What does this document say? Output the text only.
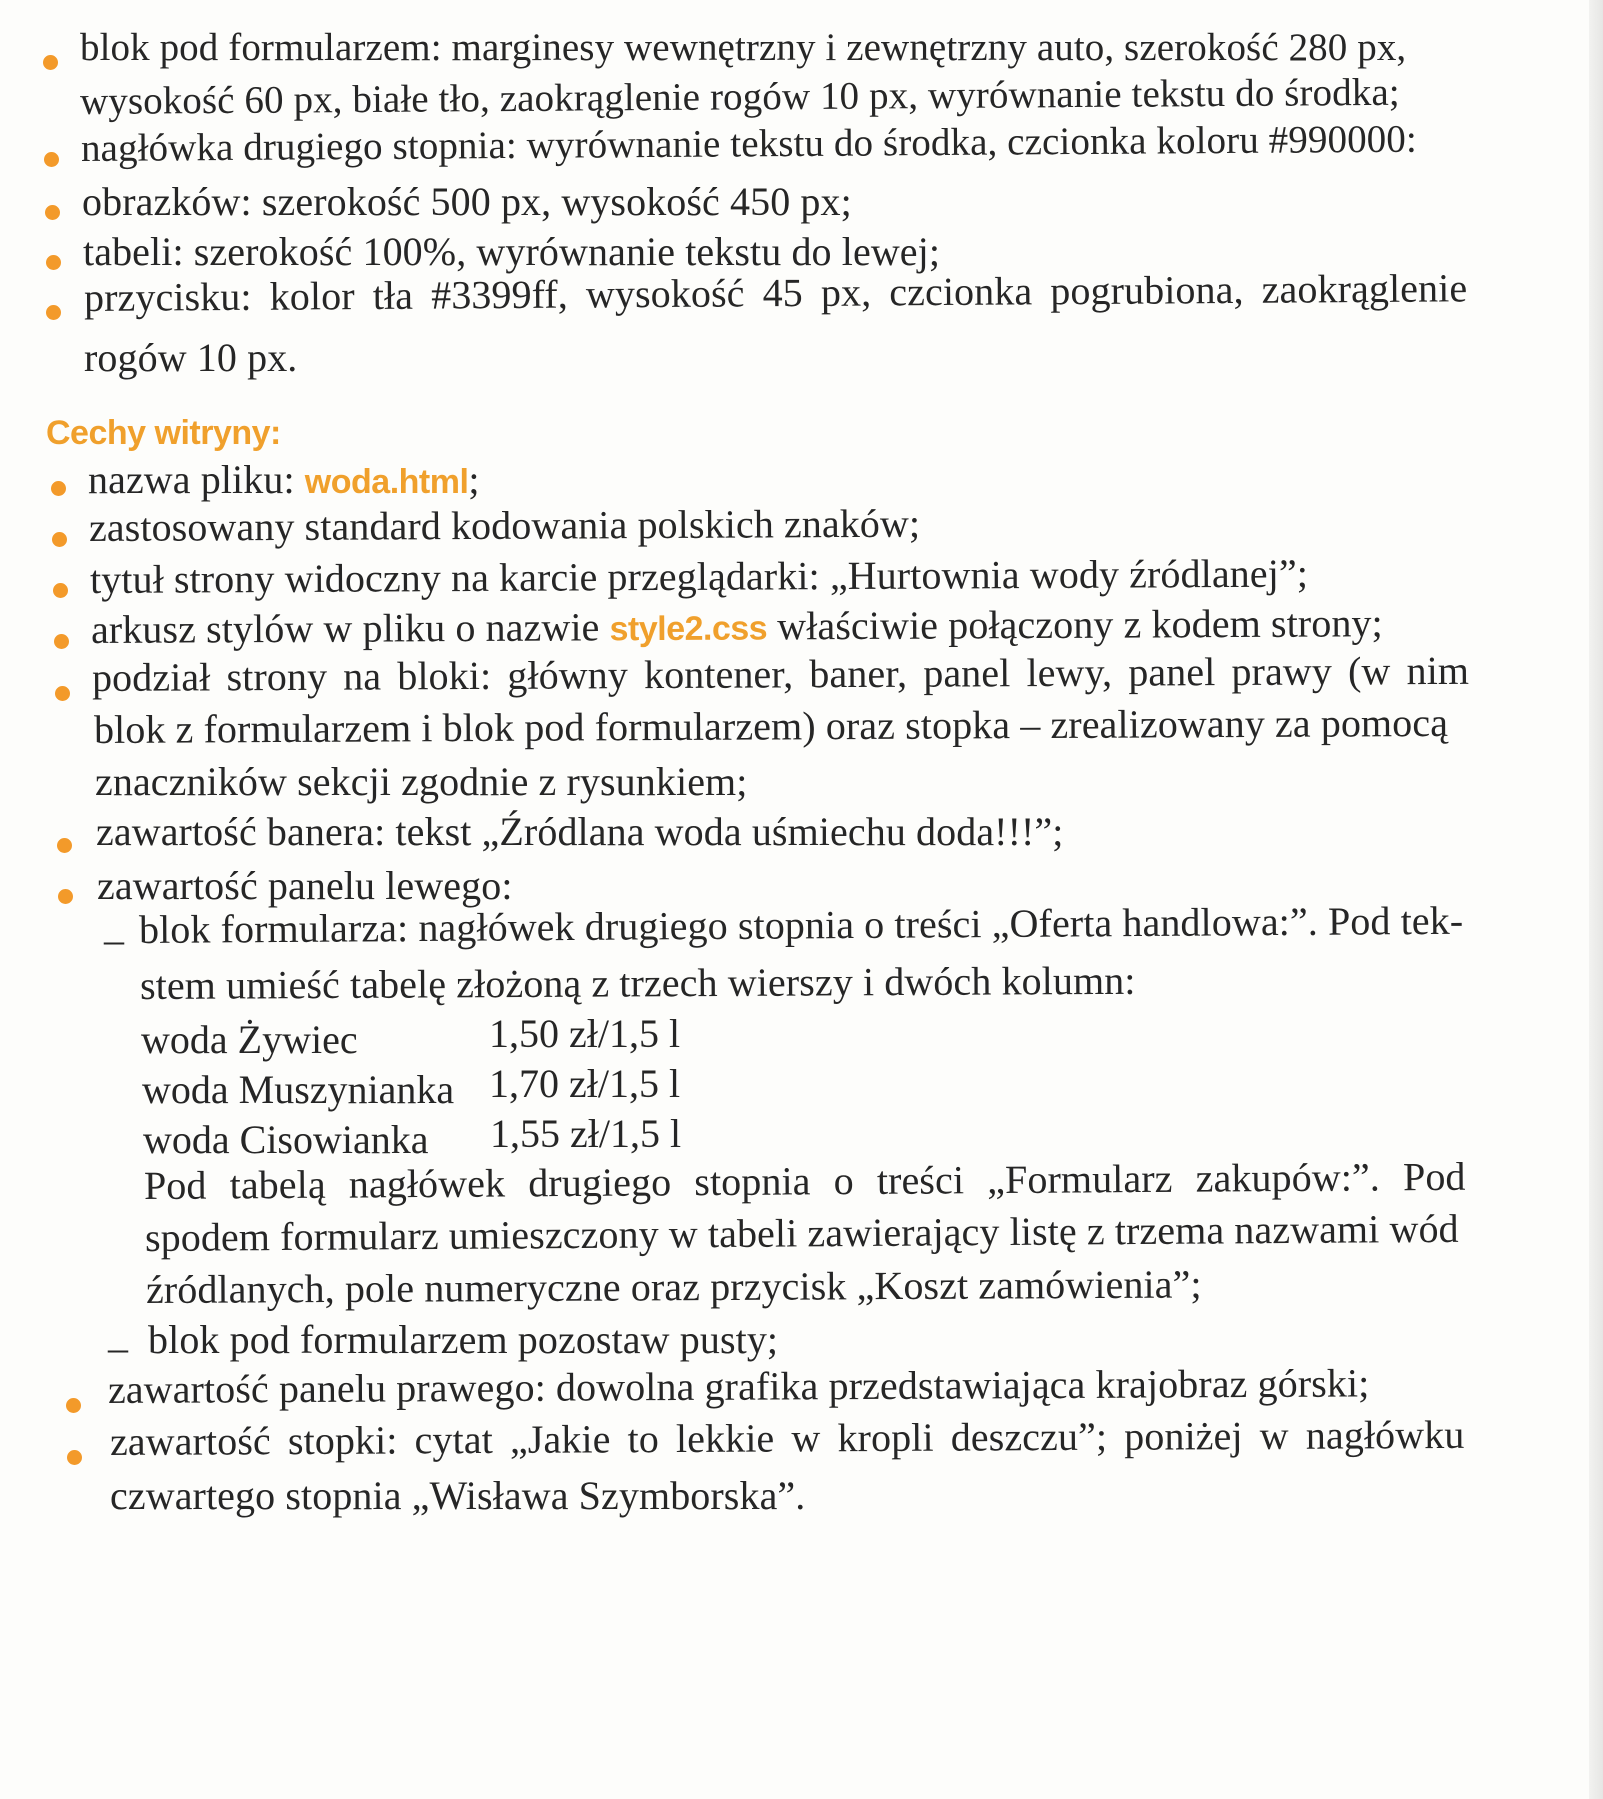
blok pod formularzem: marginesy wewnętrzny i zewnętrzny auto, szerokość 280 px,
wysokość 60 px, białe tło, zaokrąglenie rogów 10 px, wyrównanie tekstu do środka;
nagłówka drugiego stopnia: wyrównanie tekstu do środka, czcionka koloru #990000:
obrazków: szerokość 500 px, wysokość 450 px;
tabeli: szerokość 100%, wyrównanie tekstu do lewej;
przycisku: kolor tła #3399ff, wysokość 45 px, czcionka pogrubiona, zaokrąglenie
rogów 10 px.
Cechy witryny:
nazwa pliku: woda.html;
zastosowany standard kodowania polskich znaków;
tytuł strony widoczny na karcie przeglądarki: „Hurtownia wody źródlanej”;
arkusz stylów w pliku o nazwie style2.css właściwie połączony z kodem strony;
podział strony na bloki: główny kontener, baner, panel lewy, panel prawy (w nim
blok z formularzem i blok pod formularzem) oraz stopka – zrealizowany za pomocą
znaczników sekcji zgodnie z rysunkiem;
zawartość banera: tekst „Źródlana woda uśmiechu doda!!!”;
zawartość panelu lewego:
– blok formularza: nagłówek drugiego stopnia o treści „Oferta handlowa:”. Pod tek-
stem umieść tabelę złożoną z trzech wierszy i dwóch kolumn:
woda Żywiec	1,50 zł/1,5 l
woda Muszynianka 1,70 zł/1,5 l
woda Cisowianka 1,55 zł/1,5 l
Pod tabelą nagłówek drugiego stopnia o treści „Formularz zakupów:”. Pod
spodem formularz umieszczony w tabeli zawierający listę z trzema nazwami wód
źródlanych, pole numeryczne oraz przycisk „Koszt zamówienia”;
– blok pod formularzem pozostaw pusty;
zawartość panelu prawego: dowolna grafika przedstawiająca krajobraz górski;
zawartość stopki: cytat „Jakie to lekkie w kropli deszczu”; poniżej w nagłówku
czwartego stopnia „Wisława Szymborska”.
